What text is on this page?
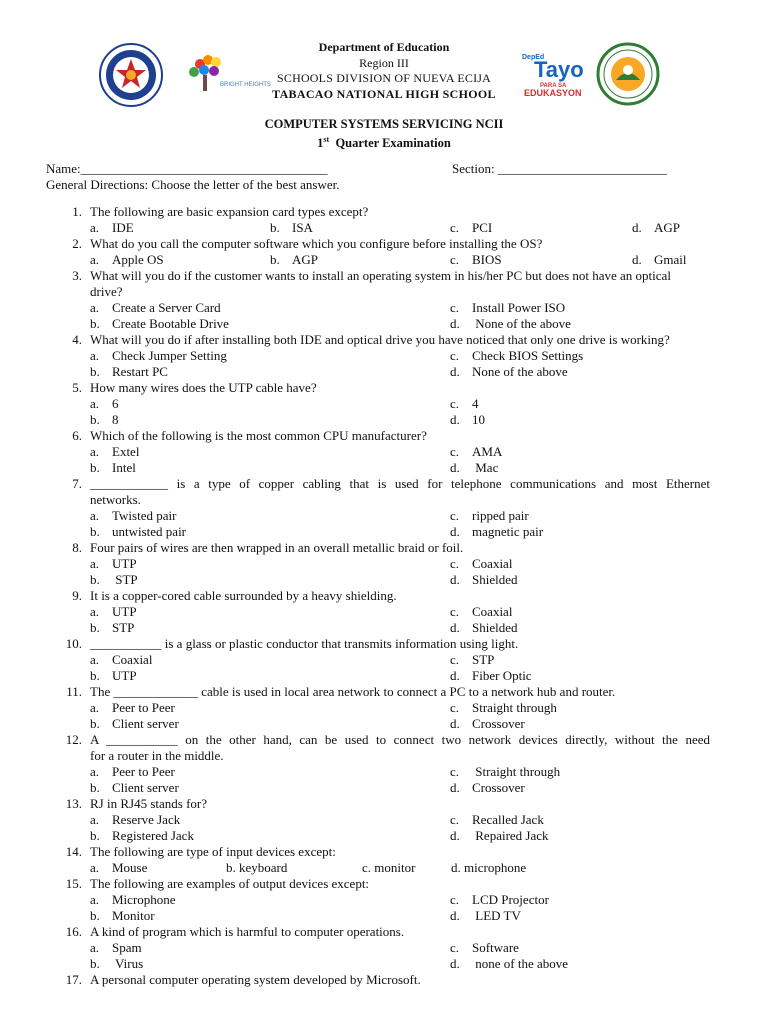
BRIGHT HEIGHTS
DepEd
Tayo
PARA SA
EDUKASYON
Department of Education
Region III
SCHOOLS DIVISION OF NUEVA ECIJA
TABACAO NATIONAL HIGH SCHOOL
COMPUTER SYSTEMS SERVICING NCII
1st  Quarter Examination
Name:______________________________________	Section: __________________________
General Directions: Choose the letter of the best answer.
1. The following are basic expansion card types except?
a. IDE	b. ISA	c. PCI	d. AGP
2. What do you call the computer software which you configure before installing the OS?
a. Apple OS	b. AGP	c. BIOS	d. Gmail
3. What will you do if the customer wants to install an operating system in his/her PC but does not have an optical
drive?
a. Create a Server Card	c. Install Power ISO
b. Create Bootable Drive	d. None of the above
4. What will you do if after installing both IDE and optical drive you have noticed that only one drive is working?
a. Check Jumper Setting	c. Check BIOS Settings
b. Restart PC	d. None of the above
5. How many wires does the UTP cable have?
a. 6	c. 4
b. 8	d. 10
6. Which of the following is the most common CPU manufacturer?
a. Extel	c. AMA
b. Intel	d. Mac
7. ____________ is a type of copper cabling that is used for telephone communications and most Ethernet
networks.
a. Twisted pair	c. ripped pair
b. untwisted pair	d. magnetic pair
8. Four pairs of wires are then wrapped in an overall metallic braid or foil.
a. UTP	c. Coaxial
b. STP	d. Shielded
9. It is a copper-cored cable surrounded by a heavy shielding.
a. UTP	c. Coaxial
b. STP	d. Shielded
10. ___________ is a glass or plastic conductor that transmits information using light.
a. Coaxial	c. STP
b. UTP	d. Fiber Optic
11. The _____________ cable is used in local area network to connect a PC to a network hub and router.
a. Peer to Peer	c. Straight through
b. Client server	d. Crossover
12. A ___________ on the other hand, can be used to connect two network devices directly, without the need
for a router in the middle.
a. Peer to Peer	c. Straight through
b. Client server	d. Crossover
13. RJ in RJ45 stands for?
a. Reserve Jack	c. Recalled Jack
b. Registered Jack	d. Repaired Jack
14. The following are type of input devices except:
a. Mouse	b. keyboard	c. monitor	d. microphone
15. The following are examples of output devices except:
a. Microphone	c. LCD Projector
b. Monitor	d. LED TV
16. A kind of program which is harmful to computer operations.
a. Spam	c. Software
b. Virus	d. none of the above
17. A personal computer operating system developed by Microsoft.
